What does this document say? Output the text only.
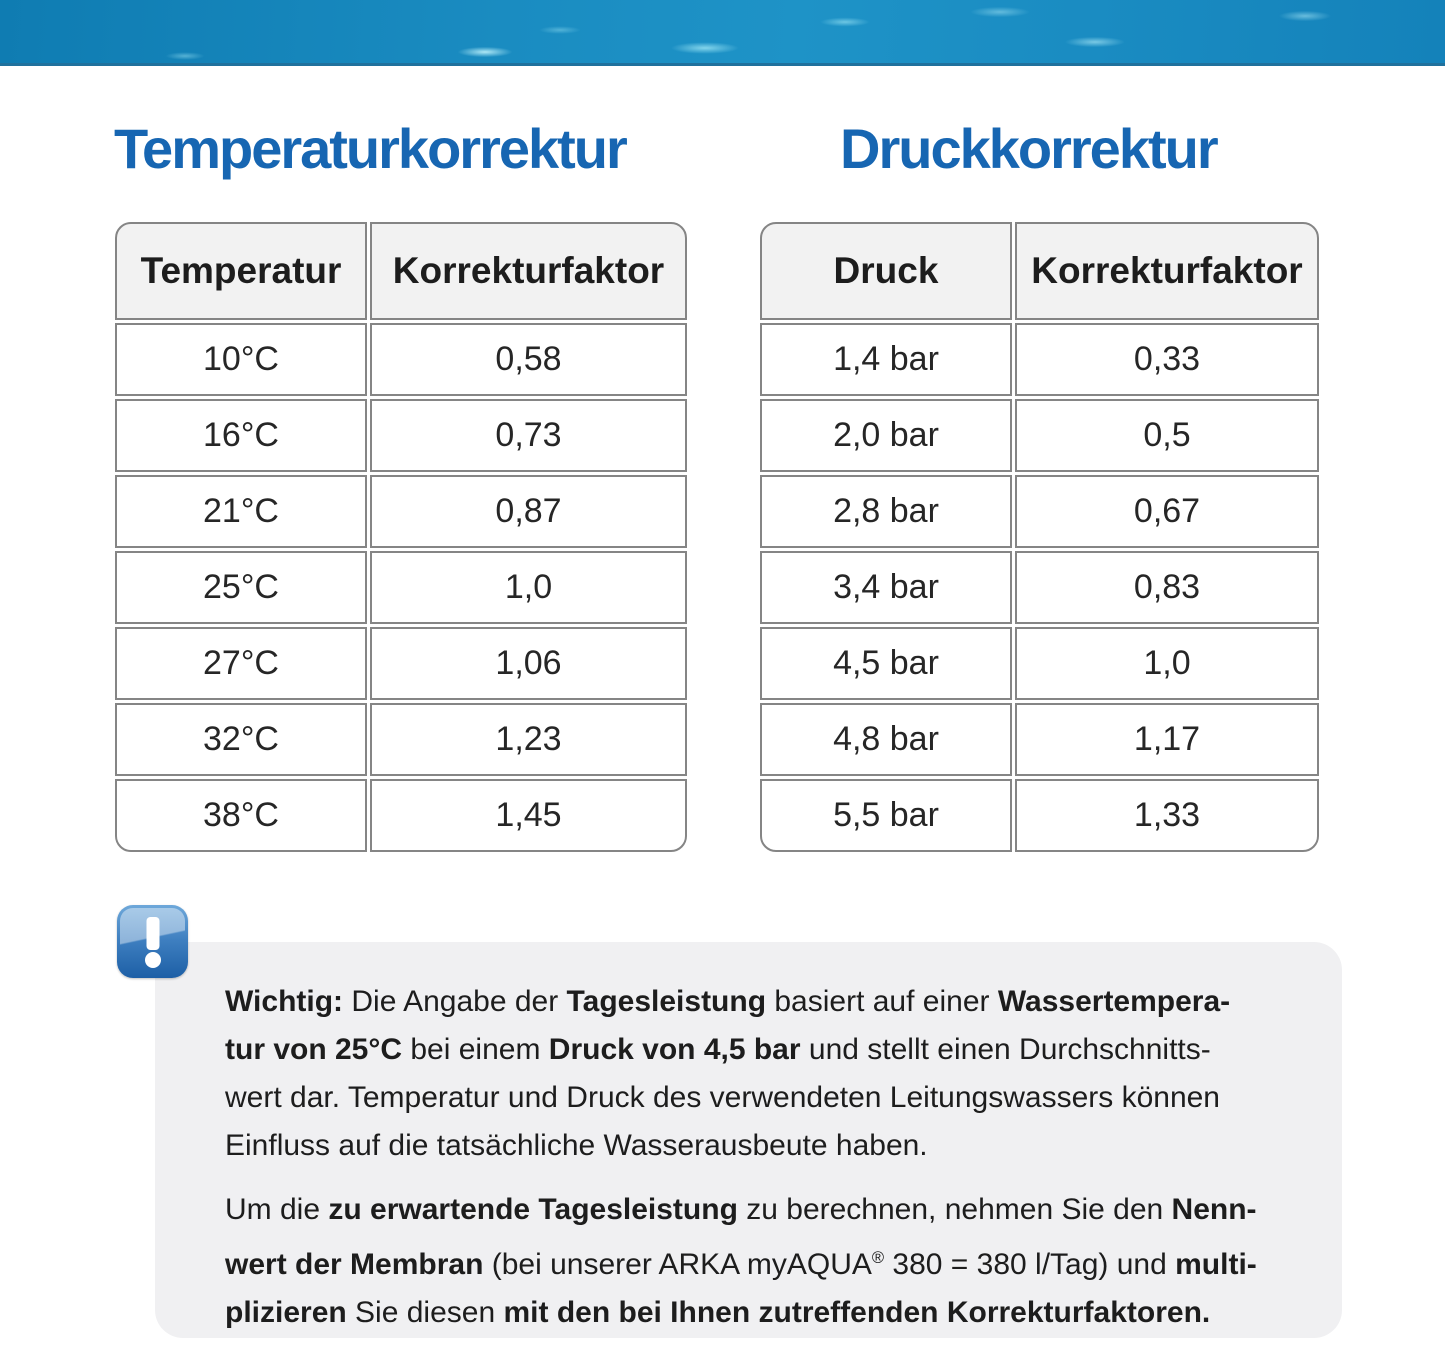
Temperaturkorrektur	Druckkorrektur
Temperatur	Korrekturfaktor
10°C	0,58
16°C	0,73
21°C	0,87
25°C	1,0
27°C	1,06
32°C	1,23
38°C	1,45
Druck	Korrekturfaktor
1,4 bar	0,33
2,0 bar	0,5
2,8 bar	0,67
3,4 bar	0,83
4,5 bar	1,0
4,8 bar	1,17
5,5 bar	1,33
Wichtig: Die Angabe der Tagesleistung basiert auf einer Wassertempera-
tur von 25°C bei einem Druck von 4,5 bar und stellt einen Durchschnitts-
wert dar. Temperatur und Druck des verwendeten Leitungswassers können
Einfluss auf die tatsächliche Wasserausbeute haben.
Um die zu erwartende Tagesleistung zu berechnen, nehmen Sie den Nenn-
wert der Membran (bei unserer ARKA myAQUA® 380 = 380 l/Tag) und multi-
plizieren Sie diesen mit den bei Ihnen zutreffenden Korrekturfaktoren.
